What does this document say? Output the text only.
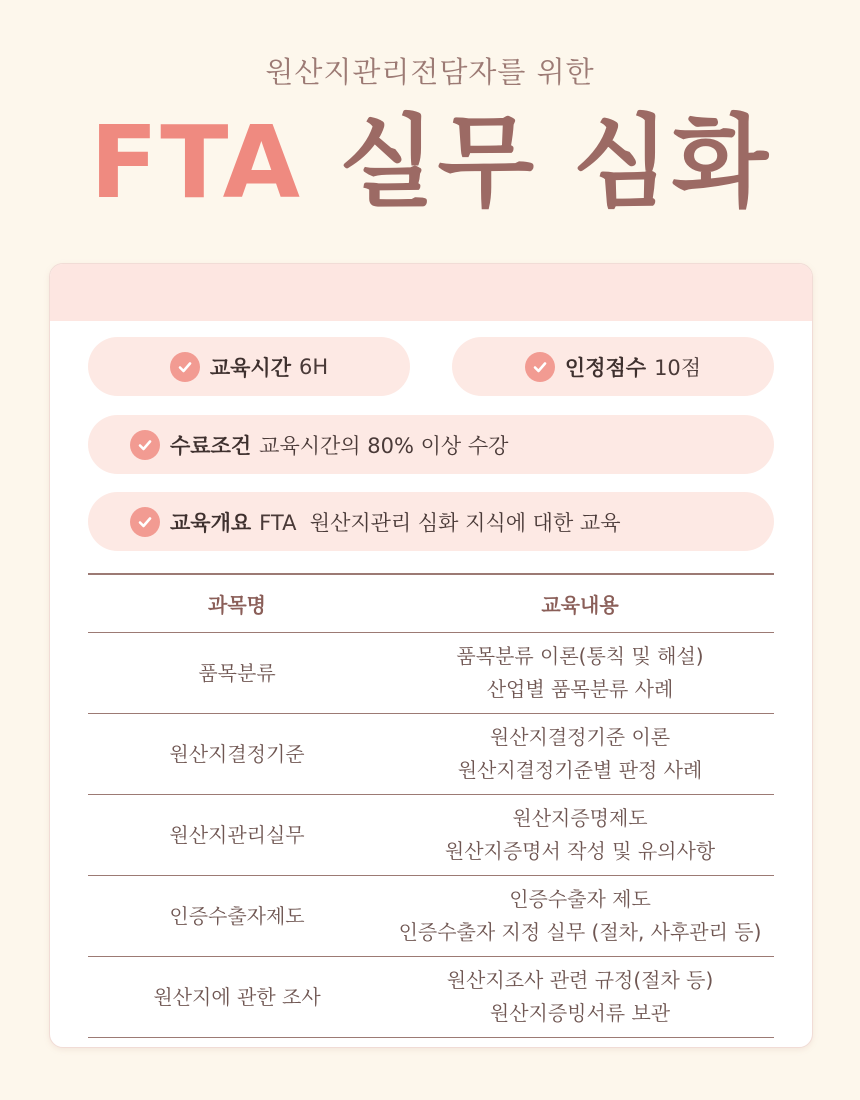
원산지관리전담자를 위한
FTA 실무 심화
교육시간 6H	인정점수 10점
수료조건 교육시간의 80% 이상 수강
교육개요 FTA  원산지관리 심화 지식에 대한 교육
과목명	교육내용
품목분류	품목분류 이론(통칙 및 해설)
산업별 품목분류 사례

원산지결정기준	원산지결정기준 이론
원산지결정기준별 판정 사례

원산지관리실무	원산지증명제도
원산지증명서 작성 및 유의사항

인증수출자제도	인증수출자 제도
인증수출자 지정 실무 (절차, 사후관리 등)

원산지에 관한 조사	원산지조사 관련 규정(절차 등)
원산지증빙서류 보관
